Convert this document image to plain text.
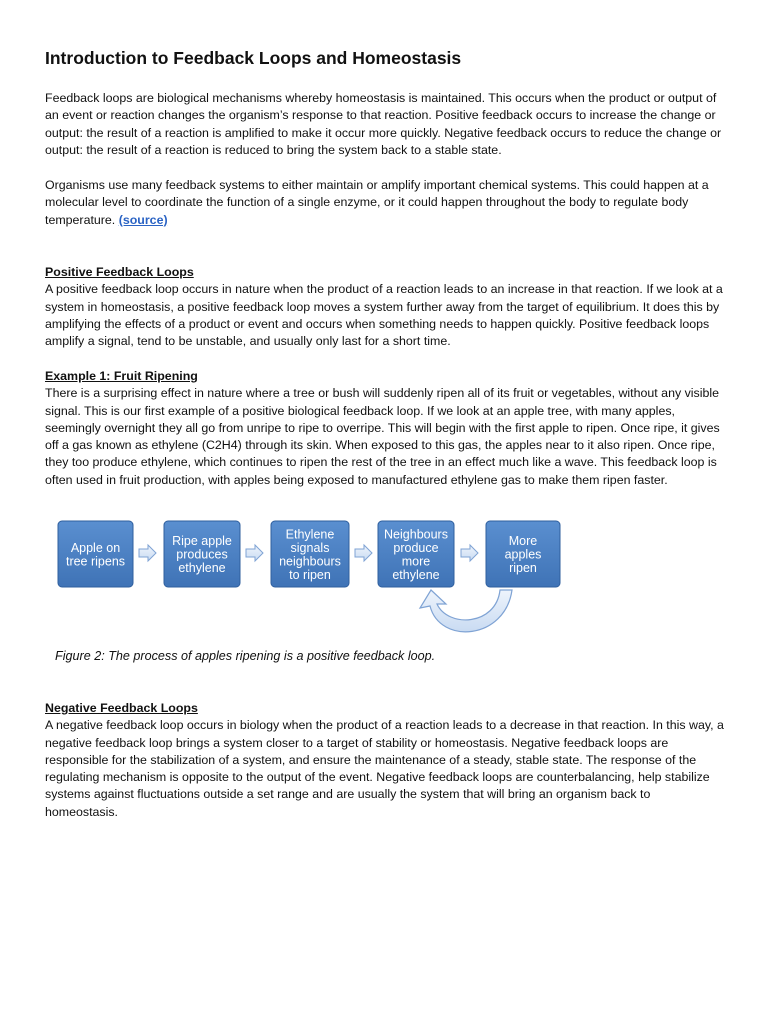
Introduction to Feedback Loops and Homeostasis

Feedback loops are biological mechanisms whereby homeostasis is maintained. This occurs when the product or output of an event or reaction changes the organism’s response to that reaction. Positive feedback occurs to increase the change or output: the result of a reaction is amplified to make it occur more quickly. Negative feedback occurs to reduce the change or output: the result of a reaction is reduced to bring the system back to a stable state.

Organisms use many feedback systems to either maintain or amplify important chemical systems. This could happen at a molecular level to coordinate the function of a single enzyme, or it could happen throughout the body to regulate body temperature. (source)

Positive Feedback Loops
A positive feedback loop occurs in nature when the product of a reaction leads to an increase in that reaction. If we look at a system in homeostasis, a positive feedback loop moves a system further away from the target of equilibrium. It does this by amplifying the effects of a product or event and occurs when something needs to happen quickly. Positive feedback loops amplify a signal, tend to be unstable, and usually only last for a short time.

Example 1: Fruit Ripening
There is a surprising effect in nature where a tree or bush will suddenly ripen all of its fruit or vegetables, without any visible signal. This is our first example of a positive biological feedback loop. If we look at an apple tree, with many apples, seemingly overnight they all go from unripe to ripe to overripe. This will begin with the first apple to ripen. Once ripe, it gives off a gas known as ethylene (C2H4) through its skin. When exposed to this gas, the apples near to it also ripen. Once ripe, they too produce ethylene, which continues to ripen the rest of the tree in an effect much like a wave. This feedback loop is often used in fruit production, with apples being exposed to manufactured ethylene gas to make them ripen faster.

Apple on
tree ripens
Ripe apple
produces
ethylene
Ethylene
signals
neighbours
to ripen
Neighbours
produce
more
ethylene
More
apples
ripen

Figure 2: The process of apples ripening is a positive feedback loop.

Negative Feedback Loops
A negative feedback loop occurs in biology when the product of a reaction leads to a decrease in that reaction. In this way, a negative feedback loop brings a system closer to a target of stability or homeostasis. Negative feedback loops are responsible for the stabilization of a system, and ensure the maintenance of a steady, stable state. The response of the regulating mechanism is opposite to the output of the event. Negative feedback loops are counterbalancing, help stabilize systems against fluctuations outside a set range and are usually the system that will bring an organism back to homeostasis.
